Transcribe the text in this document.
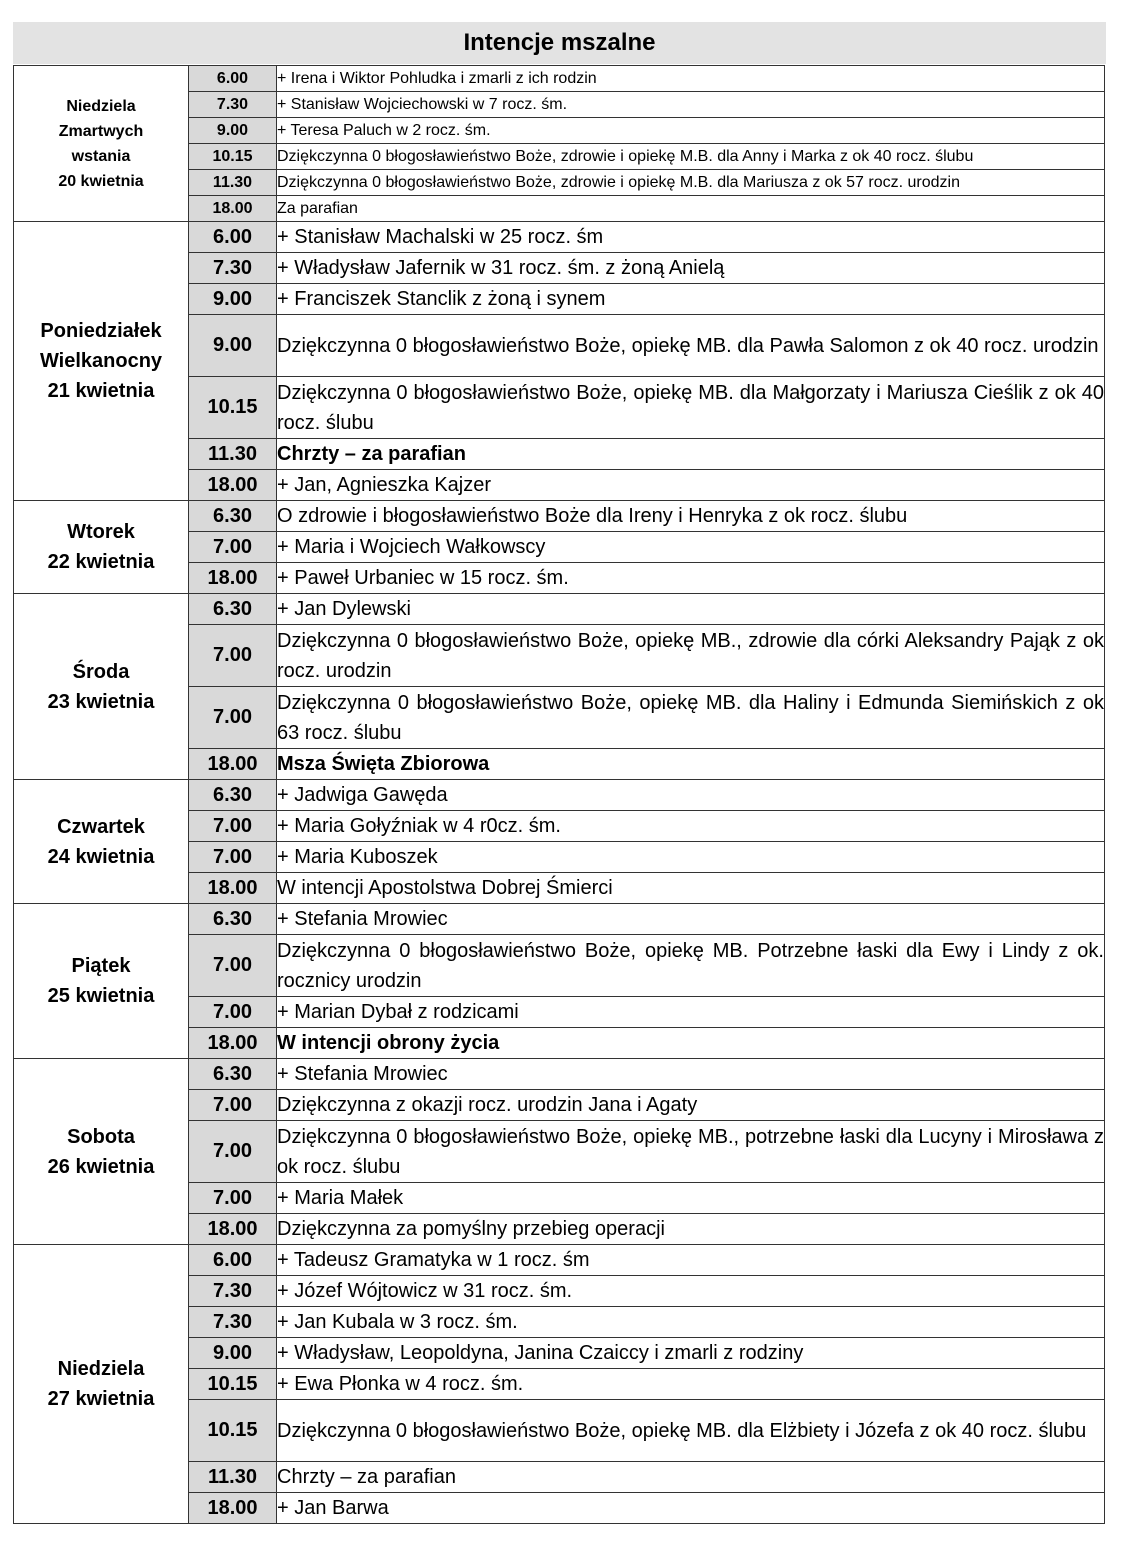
Intencje mszalne
Niedziela
Zmartwych
wstania
20 kwietnia	6.00	+ Irena i Wiktor Pohludka i zmarli z ich rodzin
	7.30	+ Stanisław Wojciechowski w 7 rocz. śm.
	9.00	+ Teresa Paluch w 2 rocz. śm.
	10.15	Dziękczynna 0 błogosławieństwo Boże, zdrowie i opiekę M.B. dla Anny i Marka z ok 40 rocz. ślubu
	11.30	Dziękczynna 0 błogosławieństwo Boże, zdrowie i opiekę M.B. dla Mariusza z ok 57 rocz. urodzin
	18.00	Za parafian

Poniedziałek
Wielkanocny
21 kwietnia	6.00	+ Stanisław Machalski w 25 rocz. śm
	7.30	+ Władysław Jafernik w 31 rocz. śm. z żoną Anielą
	9.00	+ Franciszek Stanclik z żoną i synem
	9.00	Dziękczynna 0 błogosławieństwo Boże, opiekę MB. dla Pawła Salomon z ok 40 rocz. urodzin
	10.15	Dziękczynna 0 błogosławieństwo Boże, opiekę MB. dla Małgorzaty i Mariusza Cieślik z ok 40 rocz. ślubu
	11.30	Chrzty – za parafian
	18.00	+ Jan, Agnieszka Kajzer

Wtorek
22 kwietnia	6.30	O zdrowie i błogosławieństwo Boże dla Ireny i Henryka z ok rocz. ślubu
	7.00	+ Maria i Wojciech Wałkowscy
	18.00	+ Paweł Urbaniec w 15 rocz. śm.

Środa
23 kwietnia	6.30	+ Jan Dylewski
	7.00	Dziękczynna 0 błogosławieństwo Boże, opiekę MB., zdrowie dla córki Aleksandry Pająk z ok rocz. urodzin
	7.00	Dziękczynna 0 błogosławieństwo Boże, opiekę MB. dla Haliny i Edmunda Siemińskich z ok 63 rocz. ślubu
	18.00	Msza Święta Zbiorowa

Czwartek
24 kwietnia	6.30	+ Jadwiga Gawęda
	7.00	+ Maria Gołyźniak w 4 r0cz. śm.
	7.00	+ Maria Kuboszek
	18.00	W intencji Apostolstwa Dobrej Śmierci

Piątek
25 kwietnia	6.30	+ Stefania Mrowiec
	7.00	Dziękczynna 0 błogosławieństwo Boże, opiekę MB. Potrzebne łaski dla Ewy i Lindy z ok. rocznicy urodzin
	7.00	+ Marian Dybał z rodzicami
	18.00	W intencji obrony życia

Sobota
26 kwietnia	6.30	+ Stefania Mrowiec
	7.00	Dziękczynna z okazji rocz. urodzin Jana i Agaty
	7.00	Dziękczynna 0 błogosławieństwo Boże, opiekę MB., potrzebne łaski dla Lucyny i Mirosława z ok rocz. ślubu
	7.00	+ Maria Małek
	18.00	Dziękczynna za pomyślny przebieg operacji

Niedziela
27 kwietnia	6.00	+ Tadeusz Gramatyka w 1 rocz. śm
	7.30	+ Józef Wójtowicz w 31 rocz. śm.
	7.30	+ Jan Kubala w 3 rocz. śm.
	9.00	+ Władysław, Leopoldyna, Janina Czaiccy i zmarli z rodziny
	10.15	+ Ewa Płonka w 4 rocz. śm.
	10.15	Dziękczynna 0 błogosławieństwo Boże, opiekę MB. dla Elżbiety i Józefa z ok 40 rocz. ślubu
	11.30	Chrzty – za parafian
	18.00	+ Jan Barwa
